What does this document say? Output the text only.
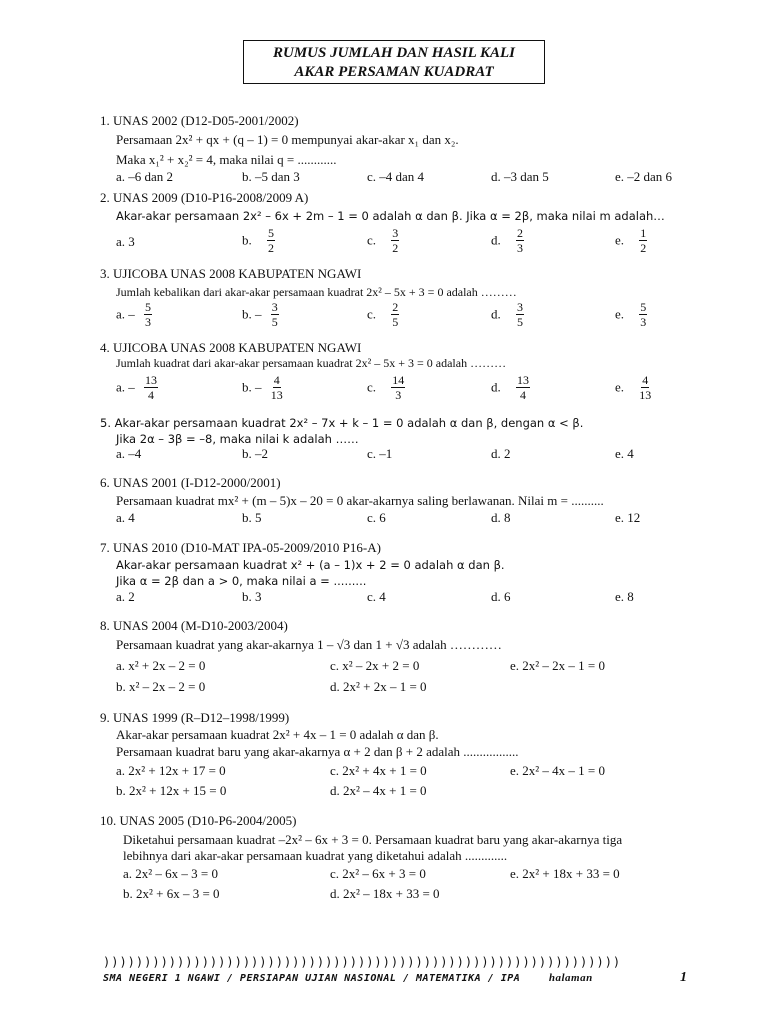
RUMUS JUMLAH DAN HASIL KALI
AKAR PERSAMAN KUADRAT
1. UNAS 2002 (D12-D05-2001/2002)
Persamaan 2x² + qx + (q – 1) = 0 mempunyai akar-akar x₁ dan x₂.
Maka x₁² + x₂² = 4, maka nilai q = ............
a. –6 dan 2	b. –5 dan 3	c. –4 dan 4	d. –3 dan 5	e. –2 dan 6
2. UNAS 2009 (D10-P16-2008/2009 A)
Akar-akar persamaan 2x² – 6x + 2m – 1 = 0 adalah α dan β. Jika α = 2β, maka nilai m adalah…
a. 3	b. $\frac{5}{2}$	c. $\frac{3}{2}$	d. $\frac{2}{3}$	e. $\frac{1}{2}$
3. UJICOBA UNAS 2008 KABUPATEN NGAWI
Jumlah kebalikan dari akar-akar persamaan kuadrat 2x² – 5x + 3 = 0 adalah ………
a. – $\frac{5}{3}$	b. – $\frac{3}{5}$	c. $\frac{2}{5}$	d. $\frac{3}{5}$	e. $\frac{5}{3}$
4. UJICOBA UNAS 2008 KABUPATEN NGAWI
Jumlah kuadrat dari akar-akar persamaan kuadrat 2x² – 5x + 3 = 0 adalah ………
a. – $\frac{13}{4}$	b. – $\frac{4}{13}$	c. $\frac{14}{3}$	d. $\frac{13}{4}$	e. $\frac{4}{13}$
5. Akar-akar persamaan kuadrat 2x² – 7x + k – 1 = 0 adalah α dan β, dengan α < β.
Jika 2α – 3β = –8, maka nilai k adalah ……
a. –4	b. –2	c. –1	d. 2	e. 4
6. UNAS 2001 (I-D12-2000/2001)
Persamaan kuadrat mx² + (m – 5)x – 20 = 0 akar-akarnya saling berlawanan. Nilai m = ..........
a. 4	b. 5	c. 6	d. 8	e. 12
7. UNAS 2010 (D10-MAT IPA-05-2009/2010 P16-A)
Akar-akar persamaan kuadrat x² + (a – 1)x + 2 = 0 adalah α dan β.
Jika α = 2β dan a > 0, maka nilai a = .........
a. 2	b. 3	c. 4	d. 6	e. 8
8. UNAS 2004 (M-D10-2003/2004)
Persamaan kuadrat yang akar-akarnya 1 – √3 dan 1 + √3 adalah …………
a. x² + 2x – 2 = 0	c. x² – 2x + 2 = 0	e. 2x² – 2x – 1 = 0
b. x² – 2x – 2 = 0	d. 2x² + 2x – 1 = 0
9. UNAS 1999 (R–D12–1998/1999)
Akar-akar persamaan kuadrat 2x² + 4x – 1 = 0 adalah α dan β.
Persamaan kuadrat baru yang akar-akarnya α + 2 dan β + 2 adalah .................
a. 2x² + 12x + 17 = 0	c. 2x² + 4x + 1 = 0	e. 2x² – 4x – 1 = 0
b. 2x² + 12x + 15 = 0	d. 2x² – 4x + 1 = 0
10. UNAS 2005 (D10-P6-2004/2005)
Diketahui persamaan kuadrat –2x² – 6x + 3 = 0. Persamaan kuadrat baru yang akar-akarnya tiga
lebihnya dari akar-akar persamaan kuadrat yang diketahui adalah .............
a. 2x² – 6x – 3 = 0	c. 2x² – 6x + 3 = 0	e. 2x² + 18x + 33 = 0
b. 2x² + 6x – 3 = 0	d. 2x² – 18x + 33 = 0
)))))))))))))))))))))))))))))))))))))))))))))))))))))))))))))))
SMA NEGERI 1 NGAWI / PERSIAPAN UJIAN NASIONAL / MATEMATIKA / IPA	halaman	1
